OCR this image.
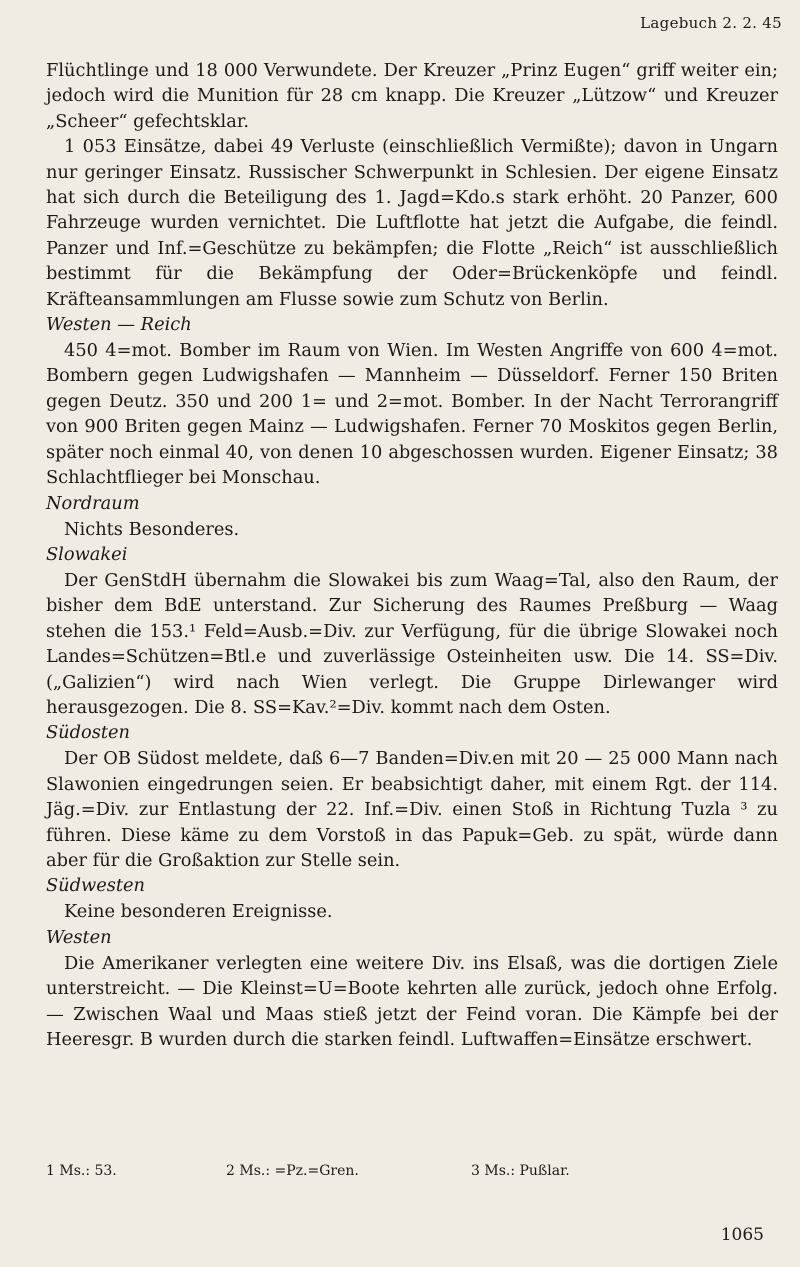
Lagebuch 2. 2. 45

Flüchtlinge und 18 000 Verwundete. Der Kreuzer „Prinz Eugen“ griff weiter ein; jedoch wird die Munition für 28 cm knapp. Die Kreuzer „Lützow“ und Kreuzer „Scheer“ gefechtsklar.

1 053 Einsätze, dabei 49 Verluste (einschließlich Vermißte); davon in Ungarn nur geringer Einsatz. Russischer Schwerpunkt in Schlesien. Der eigene Einsatz hat sich durch die Beteiligung des 1. Jagd=Kdo.s stark erhöht. 20 Panzer, 600 Fahrzeuge wurden vernichtet. Die Luftflotte hat jetzt die Aufgabe, die feindl. Panzer und Inf.=Geschütze zu bekämpfen; die Flotte „Reich“ ist ausschließlich bestimmt für die Bekämpfung der Oder=Brückenköpfe und feindl. Kräfteansammlungen am Flusse sowie zum Schutz von Berlin.

Westen — Reich

450 4=mot. Bomber im Raum von Wien. Im Westen Angriffe von 600 4=mot. Bombern gegen Ludwigshafen — Mannheim — Düsseldorf. Ferner 150 Briten gegen Deutz. 350 und 200 1= und 2=mot. Bomber. In der Nacht Terrorangriff von 900 Briten gegen Mainz — Ludwigshafen. Ferner 70 Moskitos gegen Berlin, später noch einmal 40, von denen 10 abgeschossen wurden. Eigener Einsatz; 38 Schlachtflieger bei Monschau.

Nordraum

Nichts Besonderes.

Slowakei

Der GenStdH übernahm die Slowakei bis zum Waag=Tal, also den Raum, der bisher dem BdE unterstand. Zur Sicherung des Raumes Preßburg — Waag stehen die 153.¹ Feld=Ausb.=Div. zur Verfügung, für die übrige Slowakei noch Landes=Schützen=Btl.e und zuverlässige Osteinheiten usw. Die 14. SS=Div. („Galizien“) wird nach Wien verlegt. Die Gruppe Dirlewanger wird herausgezogen. Die 8. SS=Kav.²=Div. kommt nach dem Osten.

Südosten

Der OB Südost meldete, daß 6—7 Banden=Div.en mit 20 — 25 000 Mann nach Slawonien eingedrungen seien. Er beabsichtigt daher, mit einem Rgt. der 114. Jäg.=Div. zur Entlastung der 22. Inf.=Div. einen Stoß in Richtung Tuzla ³ zu führen. Diese käme zu dem Vorstoß in das Papuk=Geb. zu spät, würde dann aber für die Großaktion zur Stelle sein.

Südwesten

Keine besonderen Ereignisse.

Westen

Die Amerikaner verlegten eine weitere Div. ins Elsaß, was die dortigen Ziele unterstreicht. — Die Kleinst=U=Boote kehrten alle zurück, jedoch ohne Erfolg. — Zwischen Waal und Maas stieß jetzt der Feind voran. Die Kämpfe bei der Heeresgr. B wurden durch die starken feindl. Luftwaffen=Einsätze erschwert.

1 Ms.: 53.	2 Ms.: =Pz.=Gren.	3 Ms.: Pußlar.
1065
